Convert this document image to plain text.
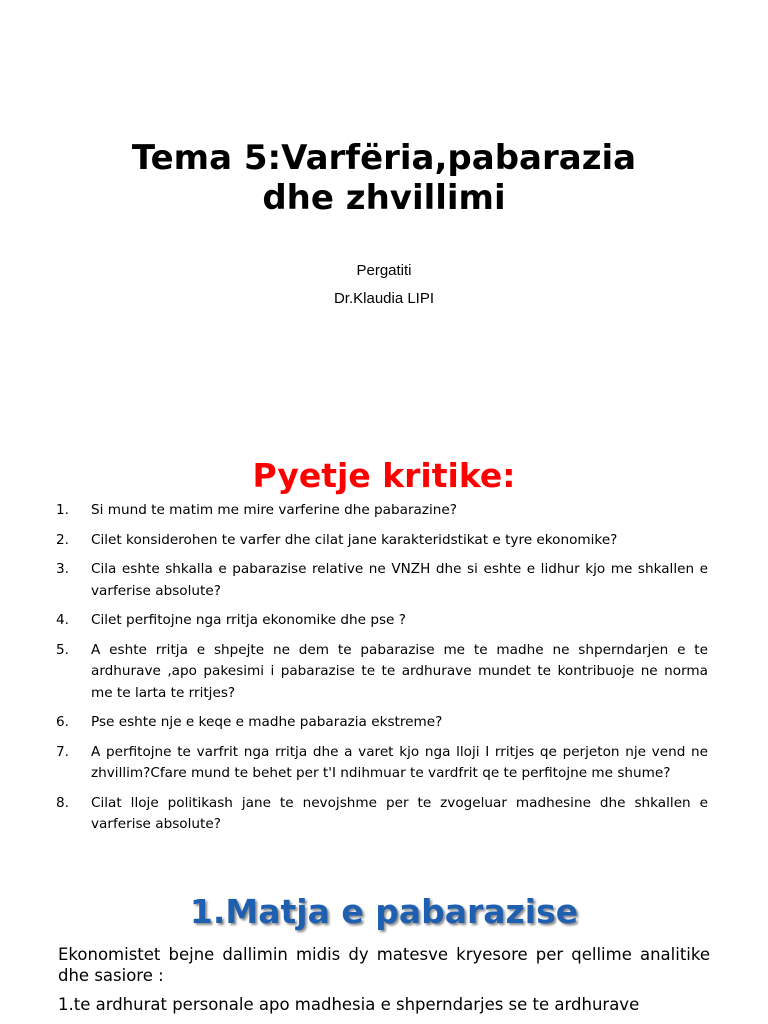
Tema 5:Varfëria,pabarazia
dhe zhvillimi
Pergatiti
Dr.Klaudia LIPI
Pyetje kritike:
1.	Si mund te matim me mire varferine dhe pabarazine?
2.	Cilet konsiderohen te varfer dhe cilat jane karakteridstikat e tyre ekonomike?
3.	Cila eshte shkalla e pabarazise relative ne VNZH dhe si eshte e lidhur kjo me shkallen e varferise absolute?
4.	Cilet perfitojne nga rritja ekonomike dhe pse ?
5.	A eshte rritja e shpejte ne dem te pabarazise me te madhe ne shperndarjen e te ardhurave ,apo pakesimi i pabarazise te te ardhurave mundet te kontribuoje ne norma me te larta te rritjes?
6.	Pse eshte nje e keqe e madhe pabarazia ekstreme?
7.	A perfitojne te varfrit nga rritja dhe a varet kjo nga lloji I rritjes qe perjeton nje vend ne zhvillim?Cfare mund te behet per t'I ndihmuar te vardfrit qe te perfitojne me shume?
8.	Cilat lloje politikash jane te nevojshme per te zvogeluar madhesine dhe shkallen e varferise absolute?
1.Matja e pabarazise
Ekonomistet bejne dallimin midis dy matesve kryesore per qellime analitike dhe sasiore :
1.te ardhurat personale apo madhesia e shperndarjes se te ardhurave
